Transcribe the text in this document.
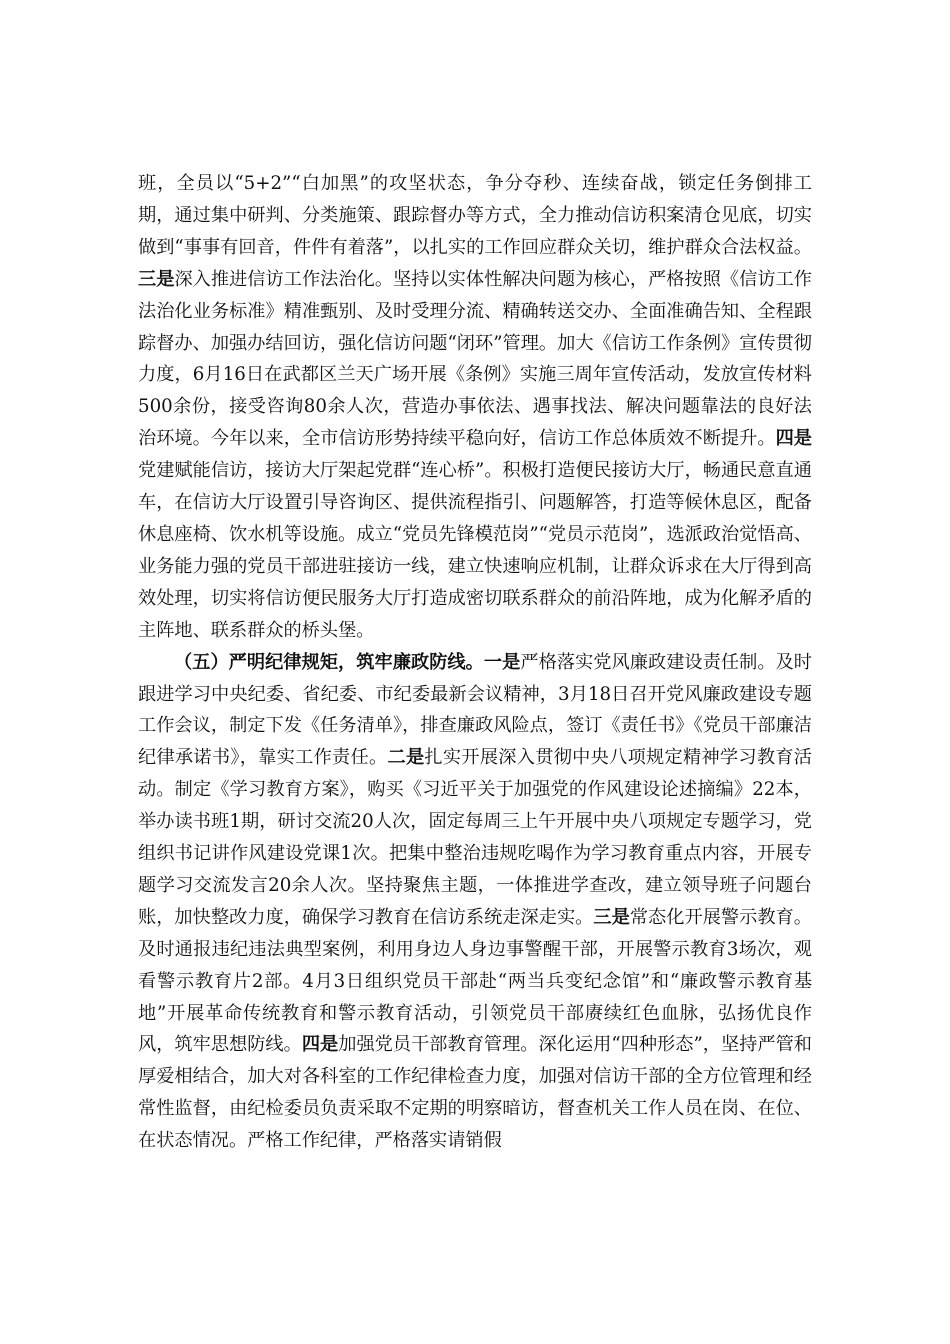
班，全员以“5+2”“白加黑”的攻坚状态，争分夺秒、连续奋战，锁定任务倒排工期，通过集中研判、分类施策、跟踪督办等方式，全力推动信访积案清仓见底，切实做到“事事有回音，件件有着落”，以扎实的工作回应群众关切，维护群众合法权益。三是深入推进信访工作法治化。坚持以实体性解决问题为核心，严格按照《信访工作法治化业务标准》精准甄别、及时受理分流、精确转送交办、全面准确告知、全程跟踪督办、加强办结回访，强化信访问题“闭环”管理。加大《信访工作条例》宣传贯彻力度，6月16日在武都区兰天广场开展《条例》实施三周年宣传活动，发放宣传材料500余份，接受咨询80余人次，营造办事依法、遇事找法、解决问题靠法的良好法治环境。今年以来，全市信访形势持续平稳向好，信访工作总体质效不断提升。四是党建赋能信访，接访大厅架起党群“连心桥”。积极打造便民接访大厅，畅通民意直通车，在信访大厅设置引导咨询区、提供流程指引、问题解答，打造等候休息区，配备休息座椅、饮水机等设施。成立“党员先锋模范岗”“党员示范岗”，选派政治觉悟高、业务能力强的党员干部进驻接访一线，建立快速响应机制，让群众诉求在大厅得到高效处理，切实将信访便民服务大厅打造成密切联系群众的前沿阵地，成为化解矛盾的主阵地、联系群众的桥头堡。

（五）严明纪律规矩，筑牢廉政防线。一是严格落实党风廉政建设责任制。及时跟进学习中央纪委、省纪委、市纪委最新会议精神，3月18日召开党风廉政建设专题工作会议，制定下发《任务清单》，排查廉政风险点，签订《责任书》《党员干部廉洁纪律承诺书》，靠实工作责任。二是扎实开展深入贯彻中央八项规定精神学习教育活动。制定《学习教育方案》，购买《习近平关于加强党的作风建设论述摘编》22本，举办读书班1期，研讨交流20人次，固定每周三上午开展中央八项规定专题学习，党组织书记讲作风建设党课1次。把集中整治违规吃喝作为学习教育重点内容，开展专题学习交流发言20余人次。坚持聚焦主题，一体推进学查改，建立领导班子问题台账，加快整改力度，确保学习教育在信访系统走深走实。三是常态化开展警示教育。及时通报违纪违法典型案例，利用身边人身边事警醒干部，开展警示教育3场次，观看警示教育片2部。4月3日组织党员干部赴“两当兵变纪念馆”和“廉政警示教育基地”开展革命传统教育和警示教育活动，引领党员干部赓续红色血脉，弘扬优良作风，筑牢思想防线。四是加强党员干部教育管理。深化运用“四种形态”，坚持严管和厚爱相结合，加大对各科室的工作纪律检查力度，加强对信访干部的全方位管理和经常性监督，由纪检委员负责采取不定期的明察暗访，督查机关工作人员在岗、在位、在状态情况。严格工作纪律，严格落实请销假
